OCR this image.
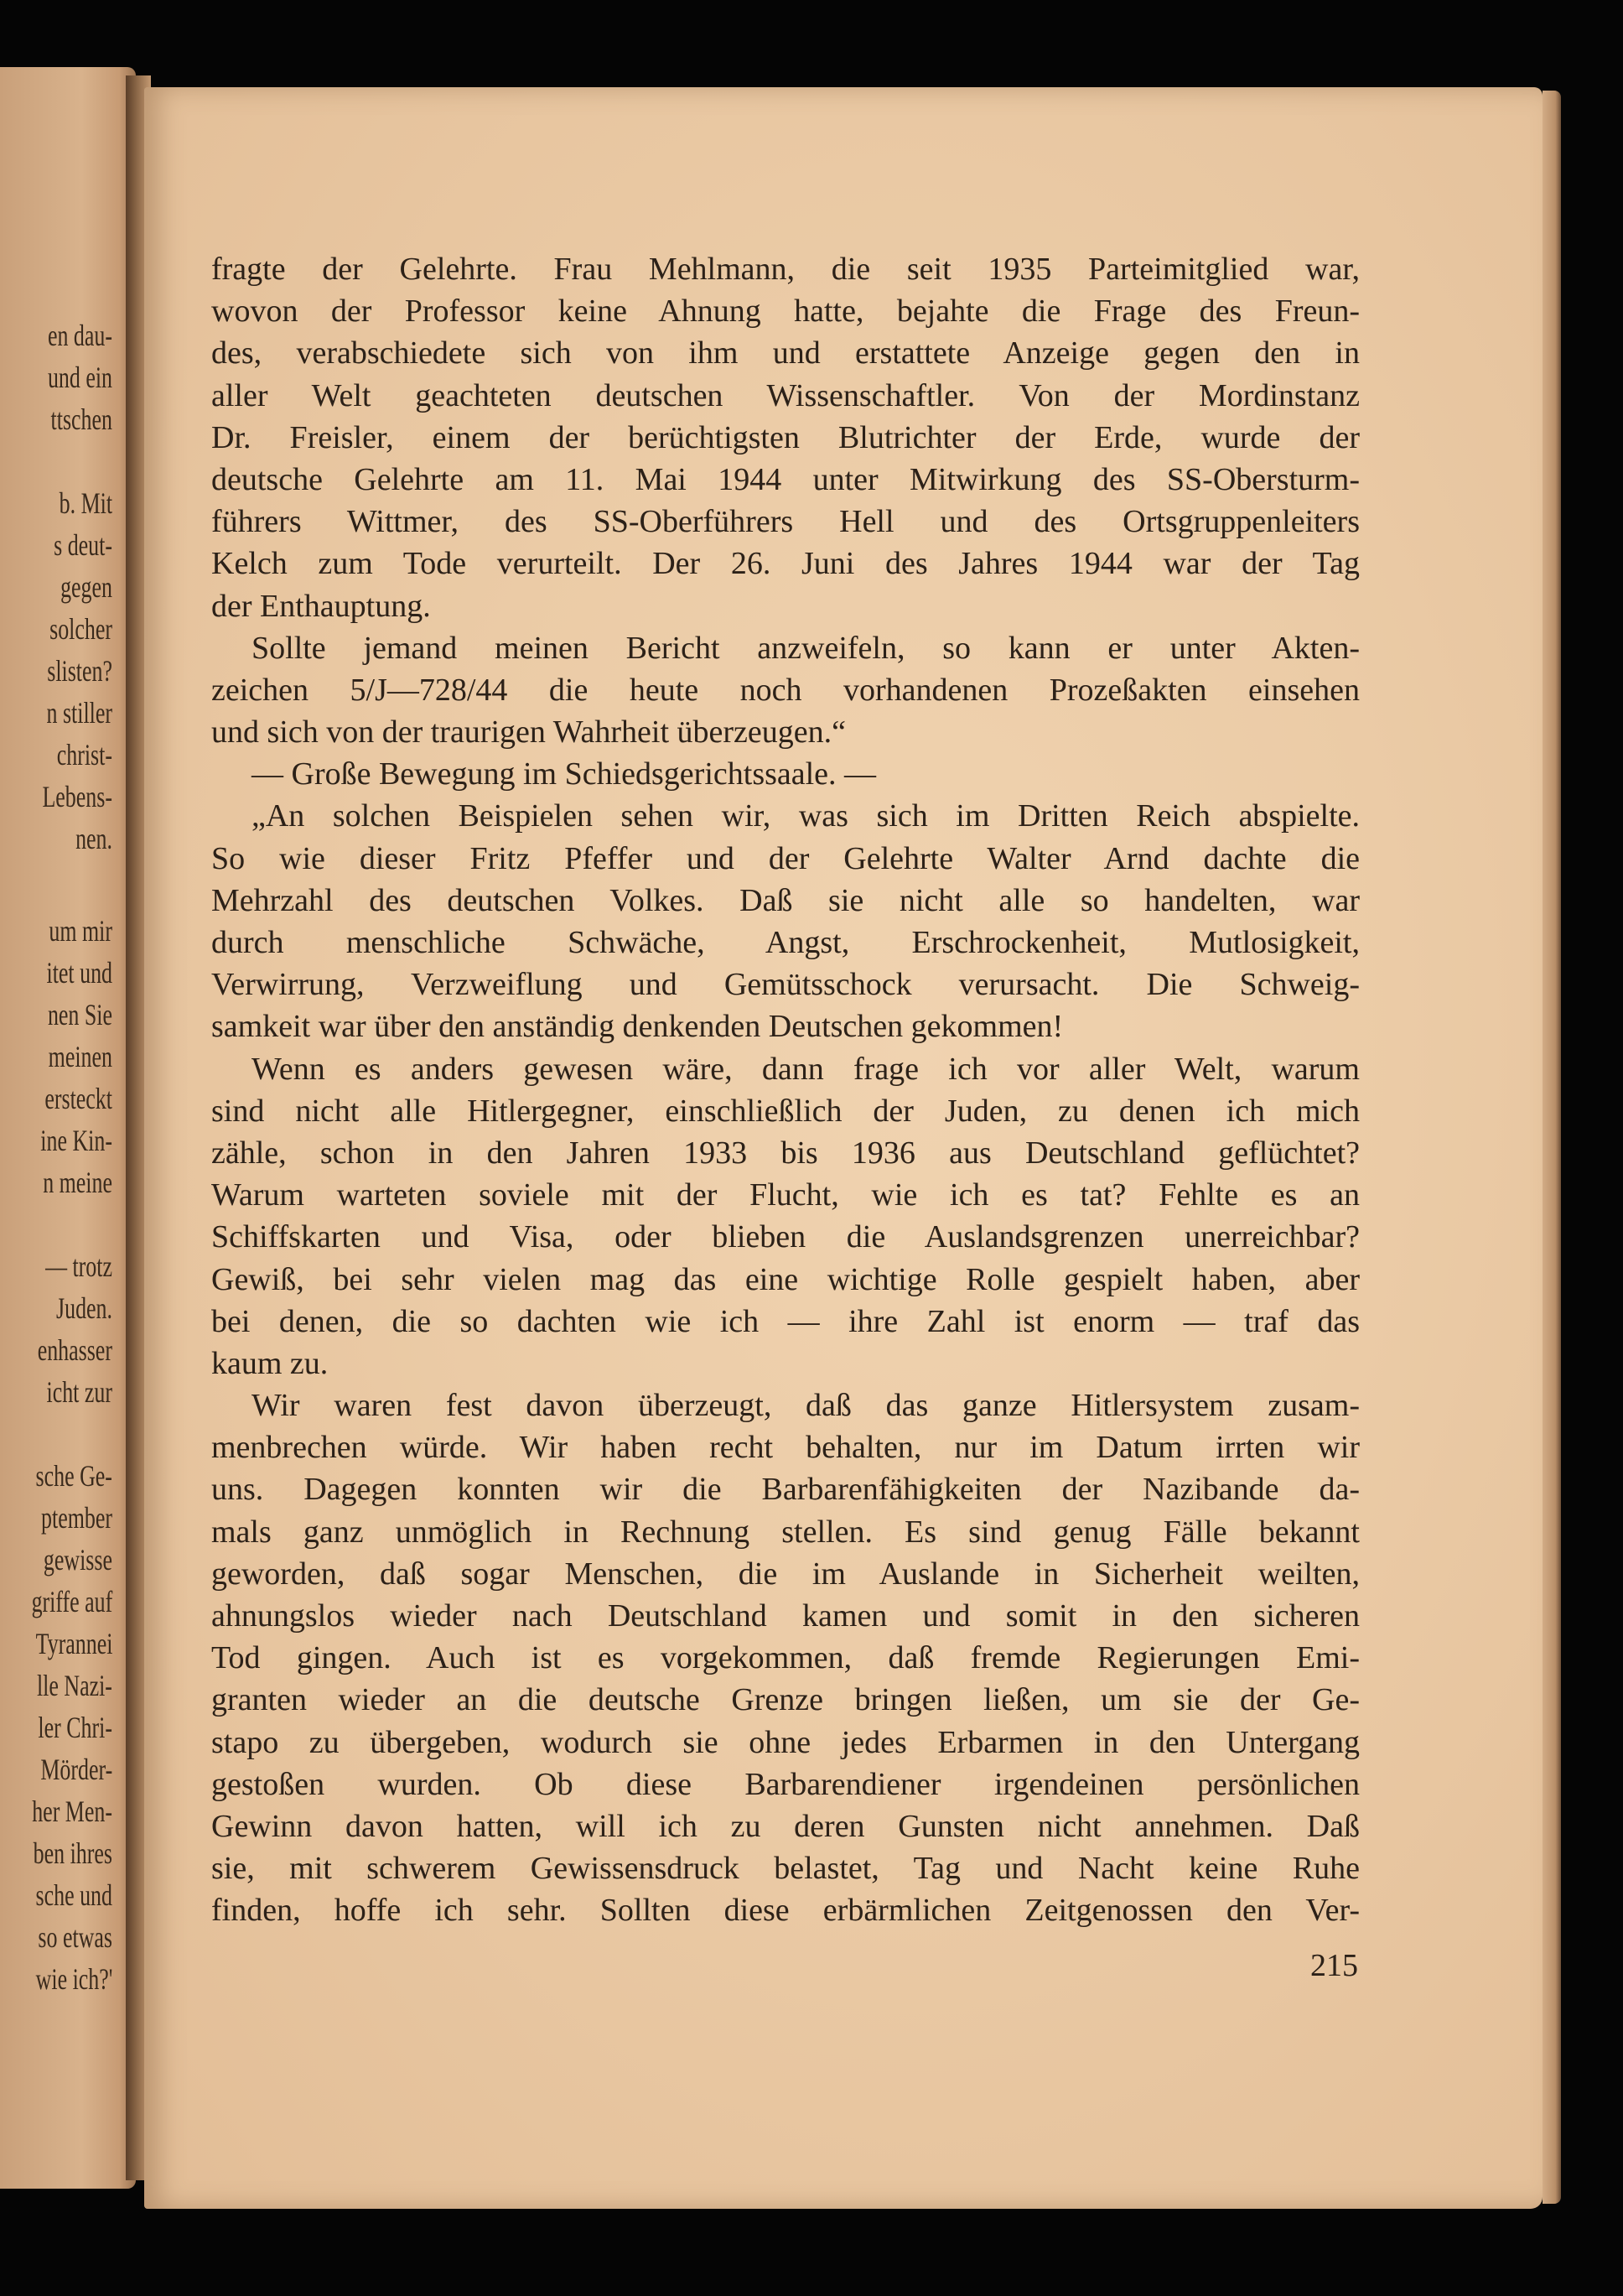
en dau-
und ein
ttschen
b. Mit
s deut-
gegen
solcher
slisten?
n stiller
christ-
Lebens-
nen.
um mir
itet und
nen Sie
meinen
ersteckt
ine Kin-
n meine
— trotz
Juden.
enhasser
icht zur
sche Ge-
ptember
gewisse
griffe auf
Tyrannei
lle Nazi-
ler Chri-
Mörder-
her Men-
ben ihres
sche und
so etwas
wie ich?'
fragte der Gelehrte. Frau Mehlmann, die seit 1935 Parteimitglied war,
wovon der Professor keine Ahnung hatte, bejahte die Frage des Freun-
des, verabschiedete sich von ihm und erstattete Anzeige gegen den in
aller Welt geachteten deutschen Wissenschaftler. Von der Mordinstanz
Dr. Freisler, einem der berüchtigsten Blutrichter der Erde, wurde der
deutsche Gelehrte am 11. Mai 1944 unter Mitwirkung des SS-Obersturm-
führers Wittmer, des SS-Oberführers Hell und des Ortsgruppenleiters
Kelch zum Tode verurteilt. Der 26. Juni des Jahres 1944 war der Tag
der Enthauptung.
Sollte jemand meinen Bericht anzweifeln, so kann er unter Akten-
zeichen 5/J—728/44 die heute noch vorhandenen Prozeßakten einsehen
und sich von der traurigen Wahrheit überzeugen.“
— Große Bewegung im Schiedsgerichtssaale. —
„An solchen Beispielen sehen wir, was sich im Dritten Reich abspielte.
So wie dieser Fritz Pfeffer und der Gelehrte Walter Arnd dachte die
Mehrzahl des deutschen Volkes. Daß sie nicht alle so handelten, war
durch menschliche Schwäche, Angst, Erschrockenheit, Mutlosigkeit,
Verwirrung, Verzweiflung und Gemütsschock verursacht. Die Schweig-
samkeit war über den anständig denkenden Deutschen gekommen!
Wenn es anders gewesen wäre, dann frage ich vor aller Welt, warum
sind nicht alle Hitlergegner, einschließlich der Juden, zu denen ich mich
zähle, schon in den Jahren 1933 bis 1936 aus Deutschland geflüchtet?
Warum warteten soviele mit der Flucht, wie ich es tat? Fehlte es an
Schiffskarten und Visa, oder blieben die Auslandsgrenzen unerreichbar?
Gewiß, bei sehr vielen mag das eine wichtige Rolle gespielt haben, aber
bei denen, die so dachten wie ich — ihre Zahl ist enorm — traf das
kaum zu.
Wir waren fest davon überzeugt, daß das ganze Hitlersystem zusam-
menbrechen würde. Wir haben recht behalten, nur im Datum irrten wir
uns. Dagegen konnten wir die Barbarenfähigkeiten der Nazibande da-
mals ganz unmöglich in Rechnung stellen. Es sind genug Fälle bekannt
geworden, daß sogar Menschen, die im Auslande in Sicherheit weilten,
ahnungslos wieder nach Deutschland kamen und somit in den sicheren
Tod gingen. Auch ist es vorgekommen, daß fremde Regierungen Emi-
granten wieder an die deutsche Grenze bringen ließen, um sie der Ge-
stapo zu übergeben, wodurch sie ohne jedes Erbarmen in den Untergang
gestoßen wurden. Ob diese Barbarendiener irgendeinen persönlichen
Gewinn davon hatten, will ich zu deren Gunsten nicht annehmen. Daß
sie, mit schwerem Gewissensdruck belastet, Tag und Nacht keine Ruhe
finden, hoffe ich sehr. Sollten diese erbärmlichen Zeitgenossen den Ver-
215
